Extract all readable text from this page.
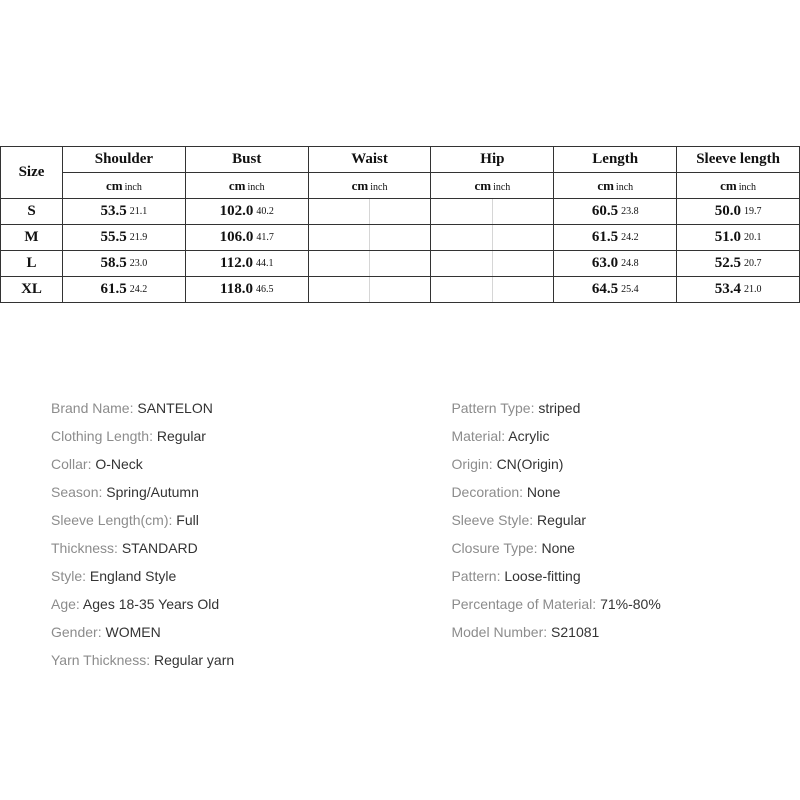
Size	Shoulder	Bust	Waist	Hip	Length	Sleeve length
	cm inch	cm inch	cm inch	cm inch	cm inch	cm inch
S	53.5 21.1	102.0 40.2			60.5 23.8	50.0 19.7

M	55.5 21.9	106.0 41.7			61.5 24.2	51.0 20.1

L	58.5 23.0	112.0 44.1			63.0 24.8	52.5 20.7

XL	61.5 24.2	118.0 46.5			64.5 25.4	53.4 21.0
Brand Name: SANTELON
Clothing Length: Regular
Collar: O-Neck
Season: Spring/Autumn
Sleeve Length(cm): Full
Thickness: STANDARD
Style: England Style
Age: Ages 18-35 Years Old
Gender: WOMEN
Yarn Thickness: Regular yarn
Pattern Type: striped
Material: Acrylic
Origin: CN(Origin)
Decoration: None
Sleeve Style: Regular
Closure Type: None
Pattern: Loose-fitting
Percentage of Material: 71%-80%
Model Number: S21081
